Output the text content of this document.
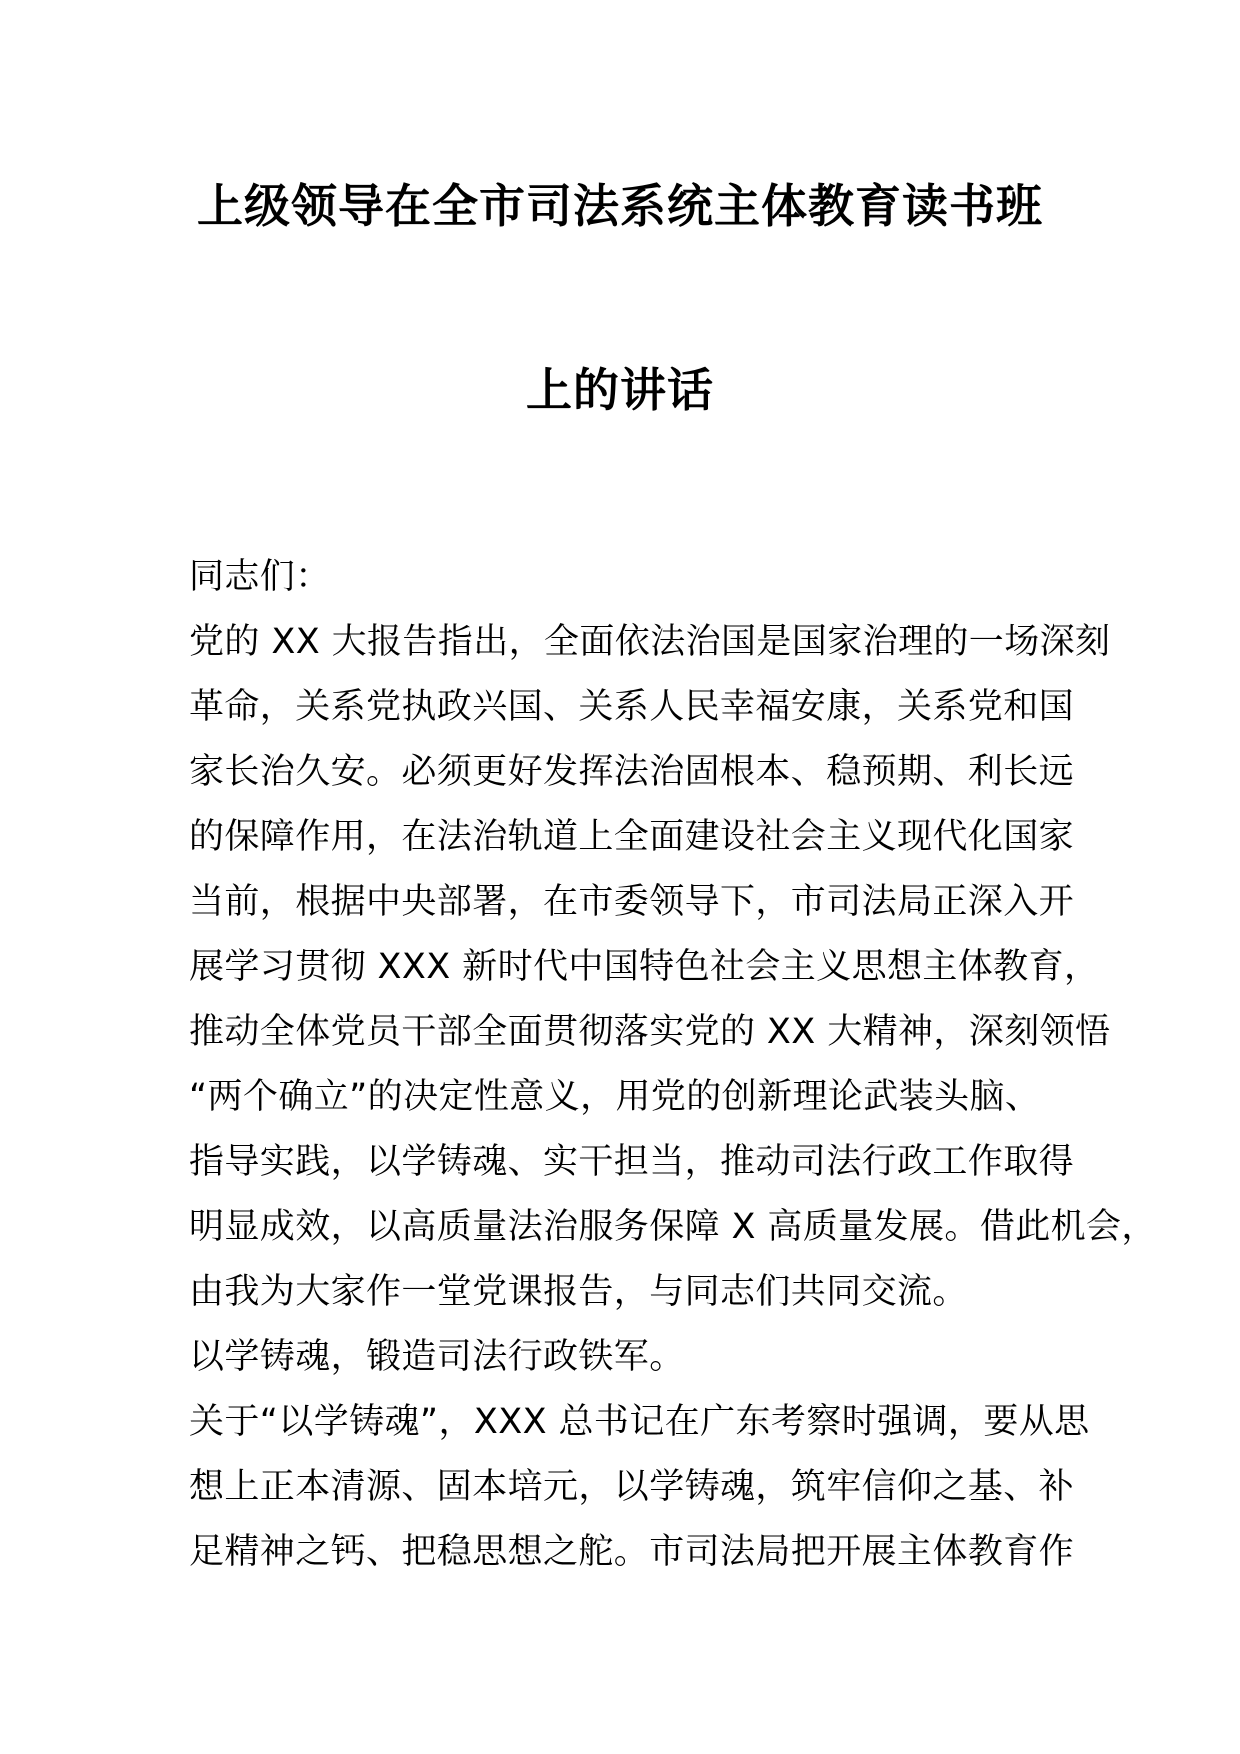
上级领导在全市司法系统主体教育读书班
上的讲话
同志们：
党的 XX 大报告指出，全面依法治国是国家治理的一场深刻
革命，关系党执政兴国、关系人民幸福安康，关系党和国
家长治久安。必须更好发挥法治固根本、稳预期、利长远
的保障作用，在法治轨道上全面建设社会主义现代化国家
当前，根据中央部署，在市委领导下，市司法局正深入开
展学习贯彻 XXX 新时代中国特色社会主义思想主体教育，
推动全体党员干部全面贯彻落实党的 XX 大精神，深刻领悟
“两个确立”的决定性意义，用党的创新理论武装头脑、
指导实践，以学铸魂、实干担当，推动司法行政工作取得
明显成效，以高质量法治服务保障 X 高质量发展。借此机会，
由我为大家作一堂党课报告，与同志们共同交流。
以学铸魂，锻造司法行政铁军。
关于“以学铸魂”，XXX 总书记在广东考察时强调，要从思
想上正本清源、固本培元，以学铸魂，筑牢信仰之基、补
足精神之钙、把稳思想之舵。市司法局把开展主体教育作
